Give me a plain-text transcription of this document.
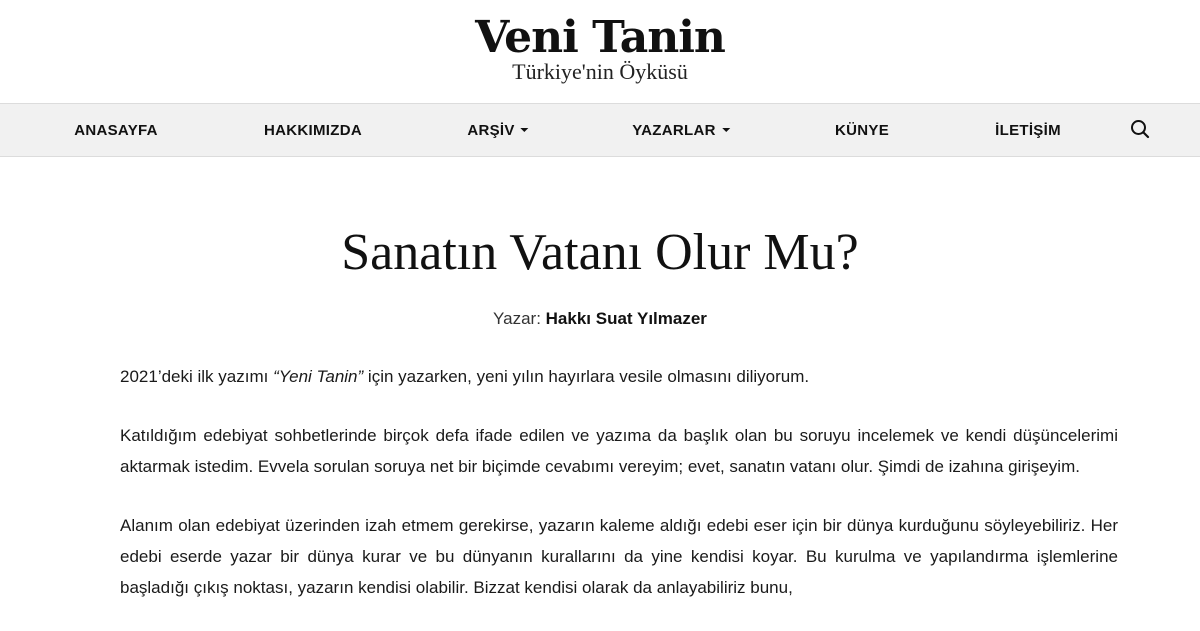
Veni Tanin
Türkiye'nin Öyküsü
ANASAYFA	HAKKIMIZDA	ARŞİV	YAZARLAR	KÜNYE	İLETİŞİM
Sanatın Vatanı Olur Mu?
Yazar: Hakkı Suat Yılmazer

2021’deki ilk yazımı “Yeni Tanin” için yazarken, yeni yılın hayırlara vesile olmasını diliyorum.

Katıldığım edebiyat sohbetlerinde birçok defa ifade edilen ve yazıma da başlık olan bu soruyu incelemek ve kendi düşüncelerimi aktarmak istedim. Evvela sorulan soruya net bir biçimde cevabımı vereyim; evet, sanatın vatanı olur. Şimdi de izahına girişeyim.

Alanım olan edebiyat üzerinden izah etmem gerekirse, yazarın kaleme aldığı edebi eser için bir dünya kurduğunu söyleyebiliriz. Her edebi eserde yazar bir dünya kurar ve bu dünyanın kurallarını da yine kendisi koyar. Bu kurulma ve yapılandırma işlemlerine başladığı çıkış noktası, yazarın kendisi olabilir. Bizzat kendisi olarak da anlayabiliriz bunu,
